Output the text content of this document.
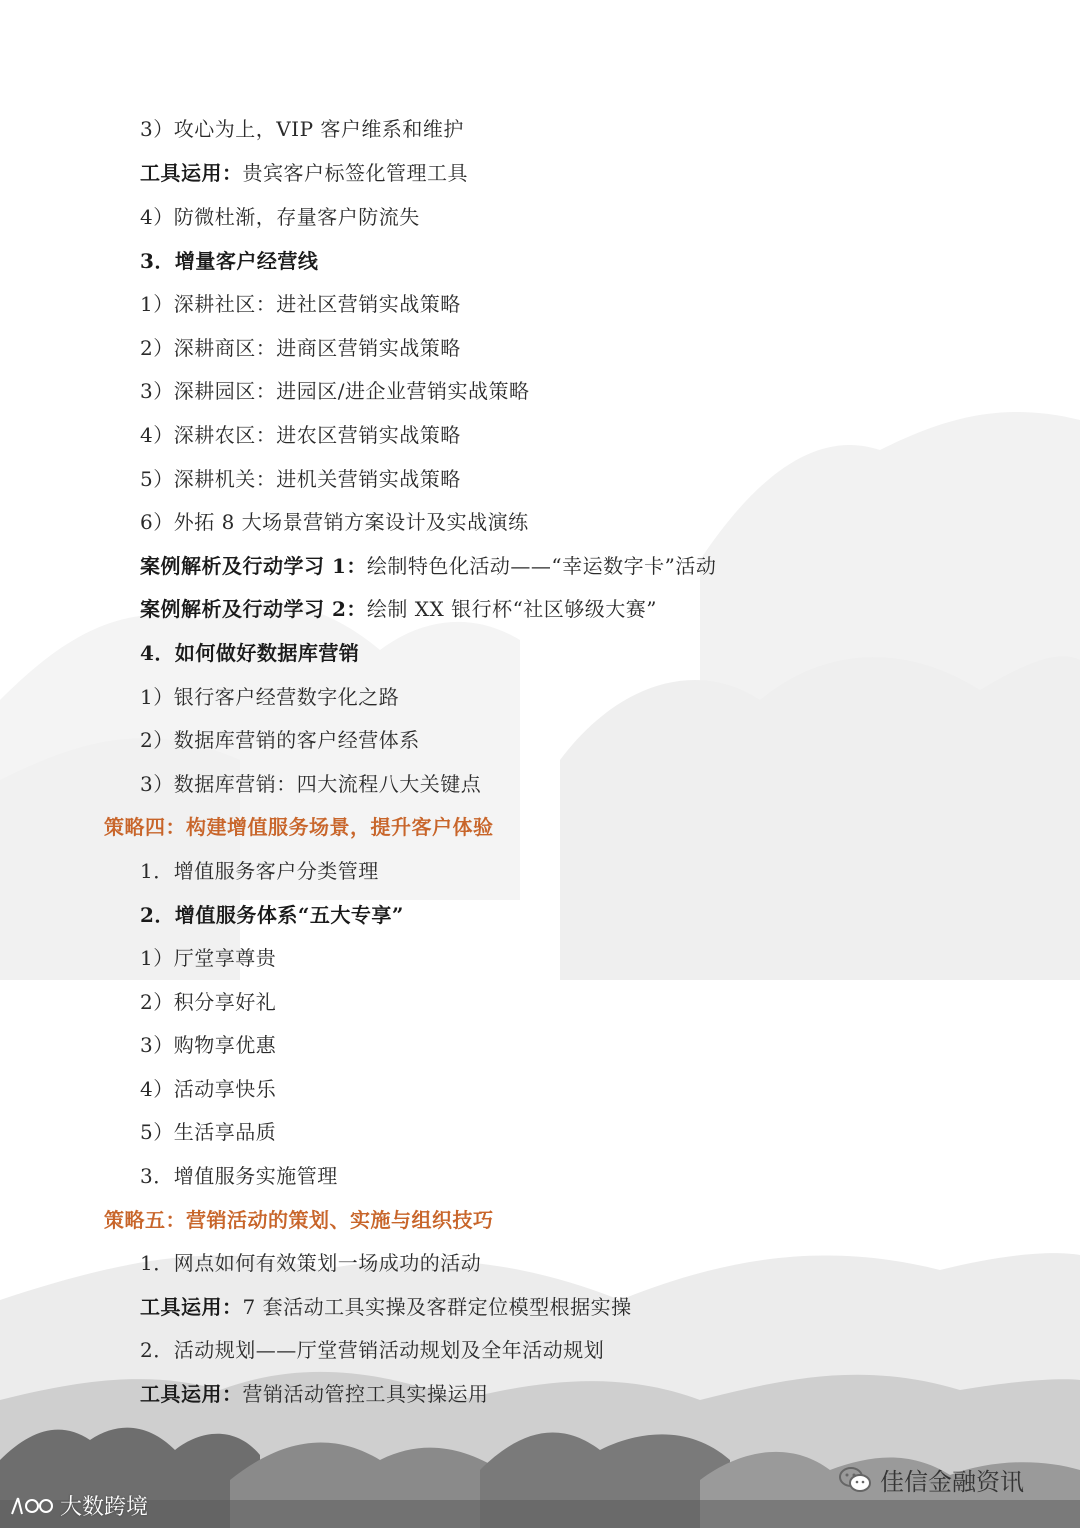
3）攻心为上，VIP 客户维系和维护
工具运用：贵宾客户标签化管理工具
4）防微杜渐，存量客户防流失
3．增量客户经营线
1）深耕社区：进社区营销实战策略
2）深耕商区：进商区营销实战策略
3）深耕园区：进园区/进企业营销实战策略
4）深耕农区：进农区营销实战策略
5）深耕机关：进机关营销实战策略
6）外拓 8 大场景营销方案设计及实战演练
案例解析及行动学习 1：绘制特色化活动——“幸运数字卡”活动
案例解析及行动学习 2：绘制 XX 银行杯“社区够级大赛”
4．如何做好数据库营销
1）银行客户经营数字化之路
2）数据库营销的客户经营体系
3）数据库营销：四大流程八大关键点
策略四：构建增值服务场景，提升客户体验
1．增值服务客户分类管理
2．增值服务体系“五大专享”
1）厅堂享尊贵
2）积分享好礼
3）购物享优惠
4）活动享快乐
5）生活享品质
3．增值服务实施管理
策略五：营销活动的策划、实施与组织技巧
1．网点如何有效策划一场成功的活动
工具运用：7 套活动工具实操及客群定位模型根据实操
2．活动规划——厅堂营销活动规划及全年活动规划
工具运用：营销活动管控工具实操运用
大数跨境
佳信金融资讯
